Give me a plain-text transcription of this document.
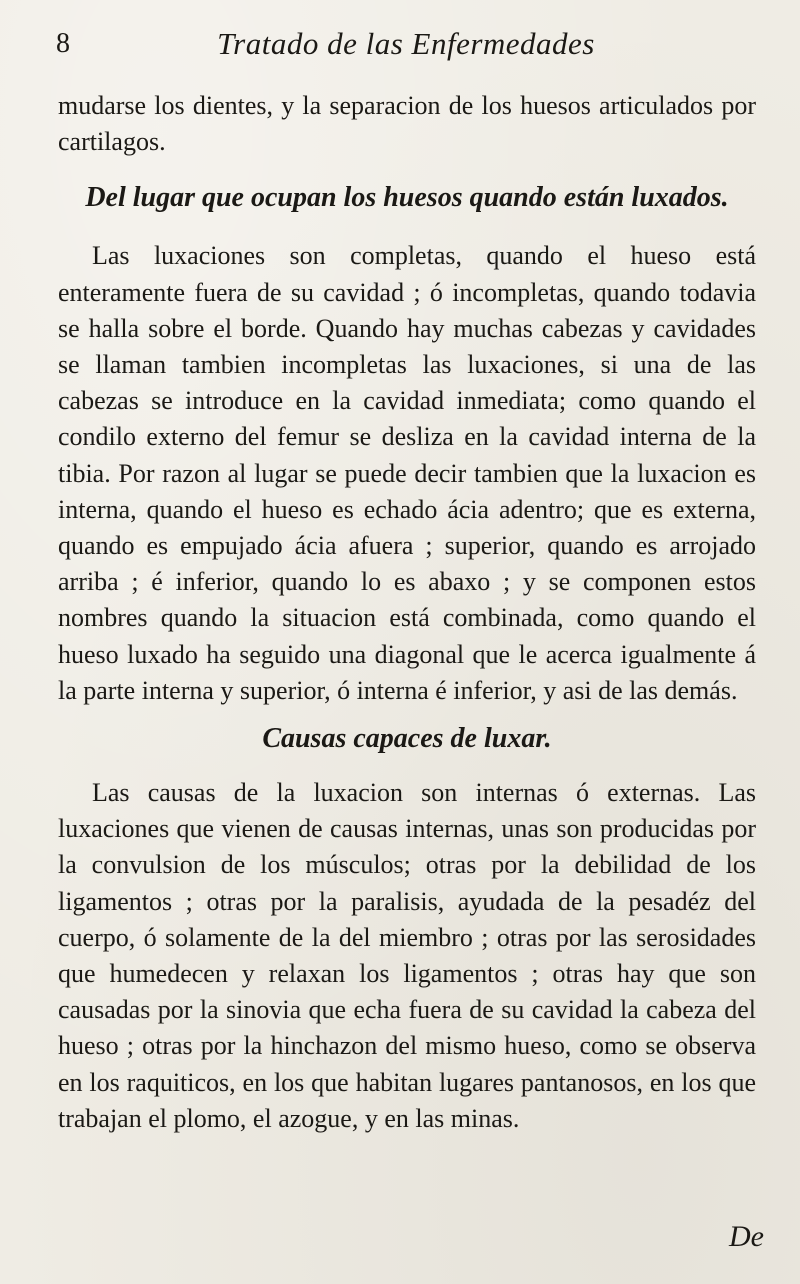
8	Tratado de las Enfermedades

mudarse los dientes, y la separacion de los huesos articulados por cartilagos.

Del lugar que ocupan los huesos quando están luxados.

Las luxaciones son completas, quando el hueso está enteramente fuera de su cavidad ; ó incompletas, quando todavia se halla sobre el borde. Quando hay muchas cabezas y cavidades se llaman tambien incompletas las luxaciones, si una de las cabezas se introduce en la cavidad inmediata; como quando el condilo externo del femur se desliza en la cavidad interna de la tibia. Por razon al lugar se puede decir tambien que la luxacion es interna, quando el hueso es echado ácia adentro; que es externa, quando es empujado ácia afuera ; superior, quando es arrojado arriba ; é inferior, quando lo es abaxo ; y se componen estos nombres quando la situacion está combinada, como quando el hueso luxado ha seguido una diagonal que le acerca igualmente á la parte interna y superior, ó interna é inferior, y asi de las demás.

Causas capaces de luxar.

Las causas de la luxacion son internas ó externas. Las luxaciones que vienen de causas internas, unas son producidas por la convulsion de los músculos; otras por la debilidad de los ligamentos ; otras por la paralisis, ayudada de la pesadéz del cuerpo, ó solamente de la del miembro ; otras por las serosidades que humedecen y relaxan los ligamentos ; otras hay que son causadas por la sinovia que echa fuera de su cavidad la cabeza del hueso ; otras por la hinchazon del mismo hueso, como se observa en los raquiticos, en los que habitan lugares pantanosos, en los que trabajan el plomo, el azogue, y en las minas.

De
